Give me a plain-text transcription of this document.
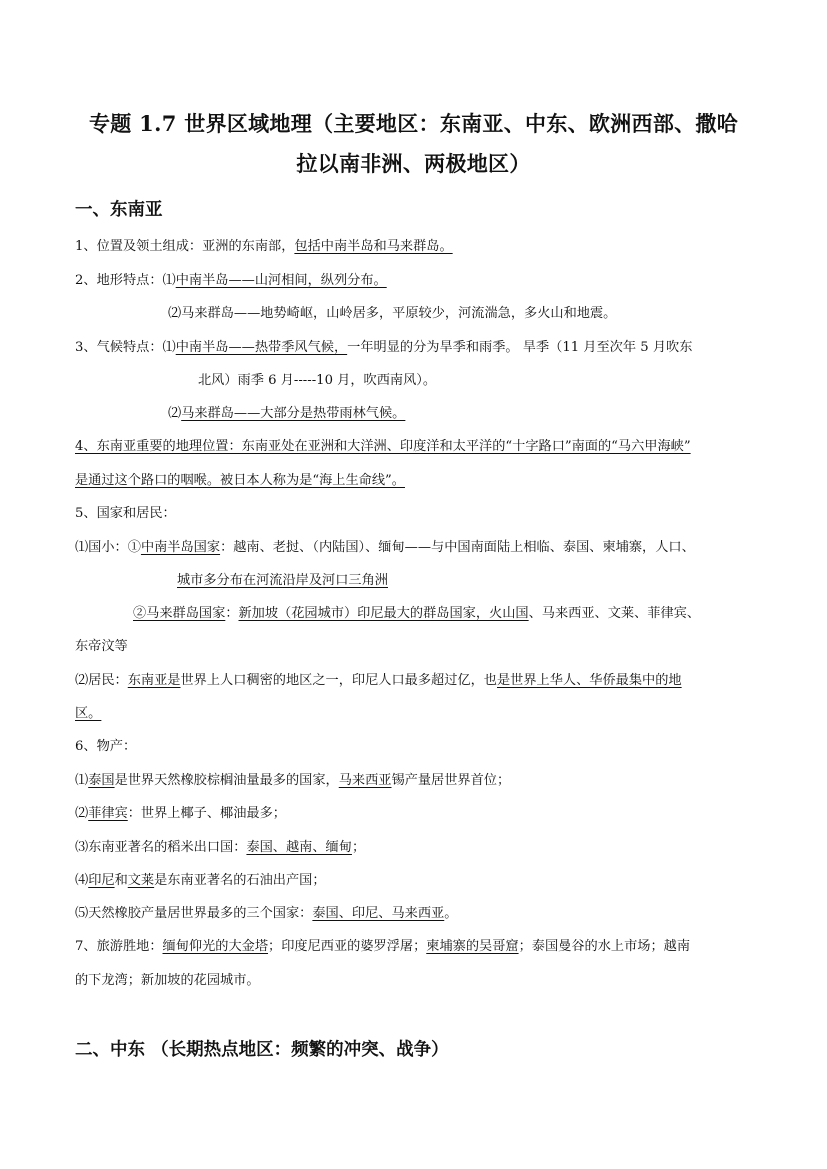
专题 1.7 世界区域地理（主要地区：东南亚、中东、欧洲西部、撒哈
拉以南非洲、两极地区）
一、东南亚
1、位置及领土组成：亚洲的东南部，包括中南半岛和马来群岛。
2、地形特点：⑴中南半岛——山河相间，纵列分布。
⑵马来群岛——地势崎岖，山岭居多，平原较少，河流湍急，多火山和地震。
3、气候特点：⑴中南半岛——热带季风气候，一年明显的分为旱季和雨季。 旱季（11 月至次年 5 月吹东
北风）雨季 6 月-----10 月，吹西南风）。
⑵马来群岛——大部分是热带雨林气候。
4、东南亚重要的地理位置：东南亚处在亚洲和大洋洲、印度洋和太平洋的“十字路口”南面的“马六甲海峡”
是通过这个路口的咽喉。被日本人称为是“海上生命线”。
5、国家和居民：
⑴国小：①中南半岛国家：越南、老挝、（内陆国）、缅甸——与中国南面陆上相临、泰国、柬埔寨，人口、
城市多分布在河流沿岸及河口三角洲
②马来群岛国家：新加坡（花园城市）印尼最大的群岛国家，火山国、马来西亚、文莱、菲律宾、
东帝汶等
⑵居民：东南亚是世界上人口稠密的地区之一，印尼人口最多超过亿，也是世界上华人、华侨最集中的地
区。
6、物产：
⑴泰国是世界天然橡胶棕榈油量最多的国家，马来西亚锡产量居世界首位；
⑵菲律宾：世界上椰子、椰油最多；
⑶东南亚著名的稻米出口国：泰国、越南、缅甸；
⑷印尼和文莱是东南亚著名的石油出产国；
⑸天然橡胶产量居世界最多的三个国家：泰国、印尼、马来西亚。
7、旅游胜地：缅甸仰光的大金塔；印度尼西亚的婆罗浮屠；柬埔寨的吴哥窟；泰国曼谷的水上市场；越南
的下龙湾；新加坡的花园城市。
二、中东 （长期热点地区：频繁的冲突、战争）
